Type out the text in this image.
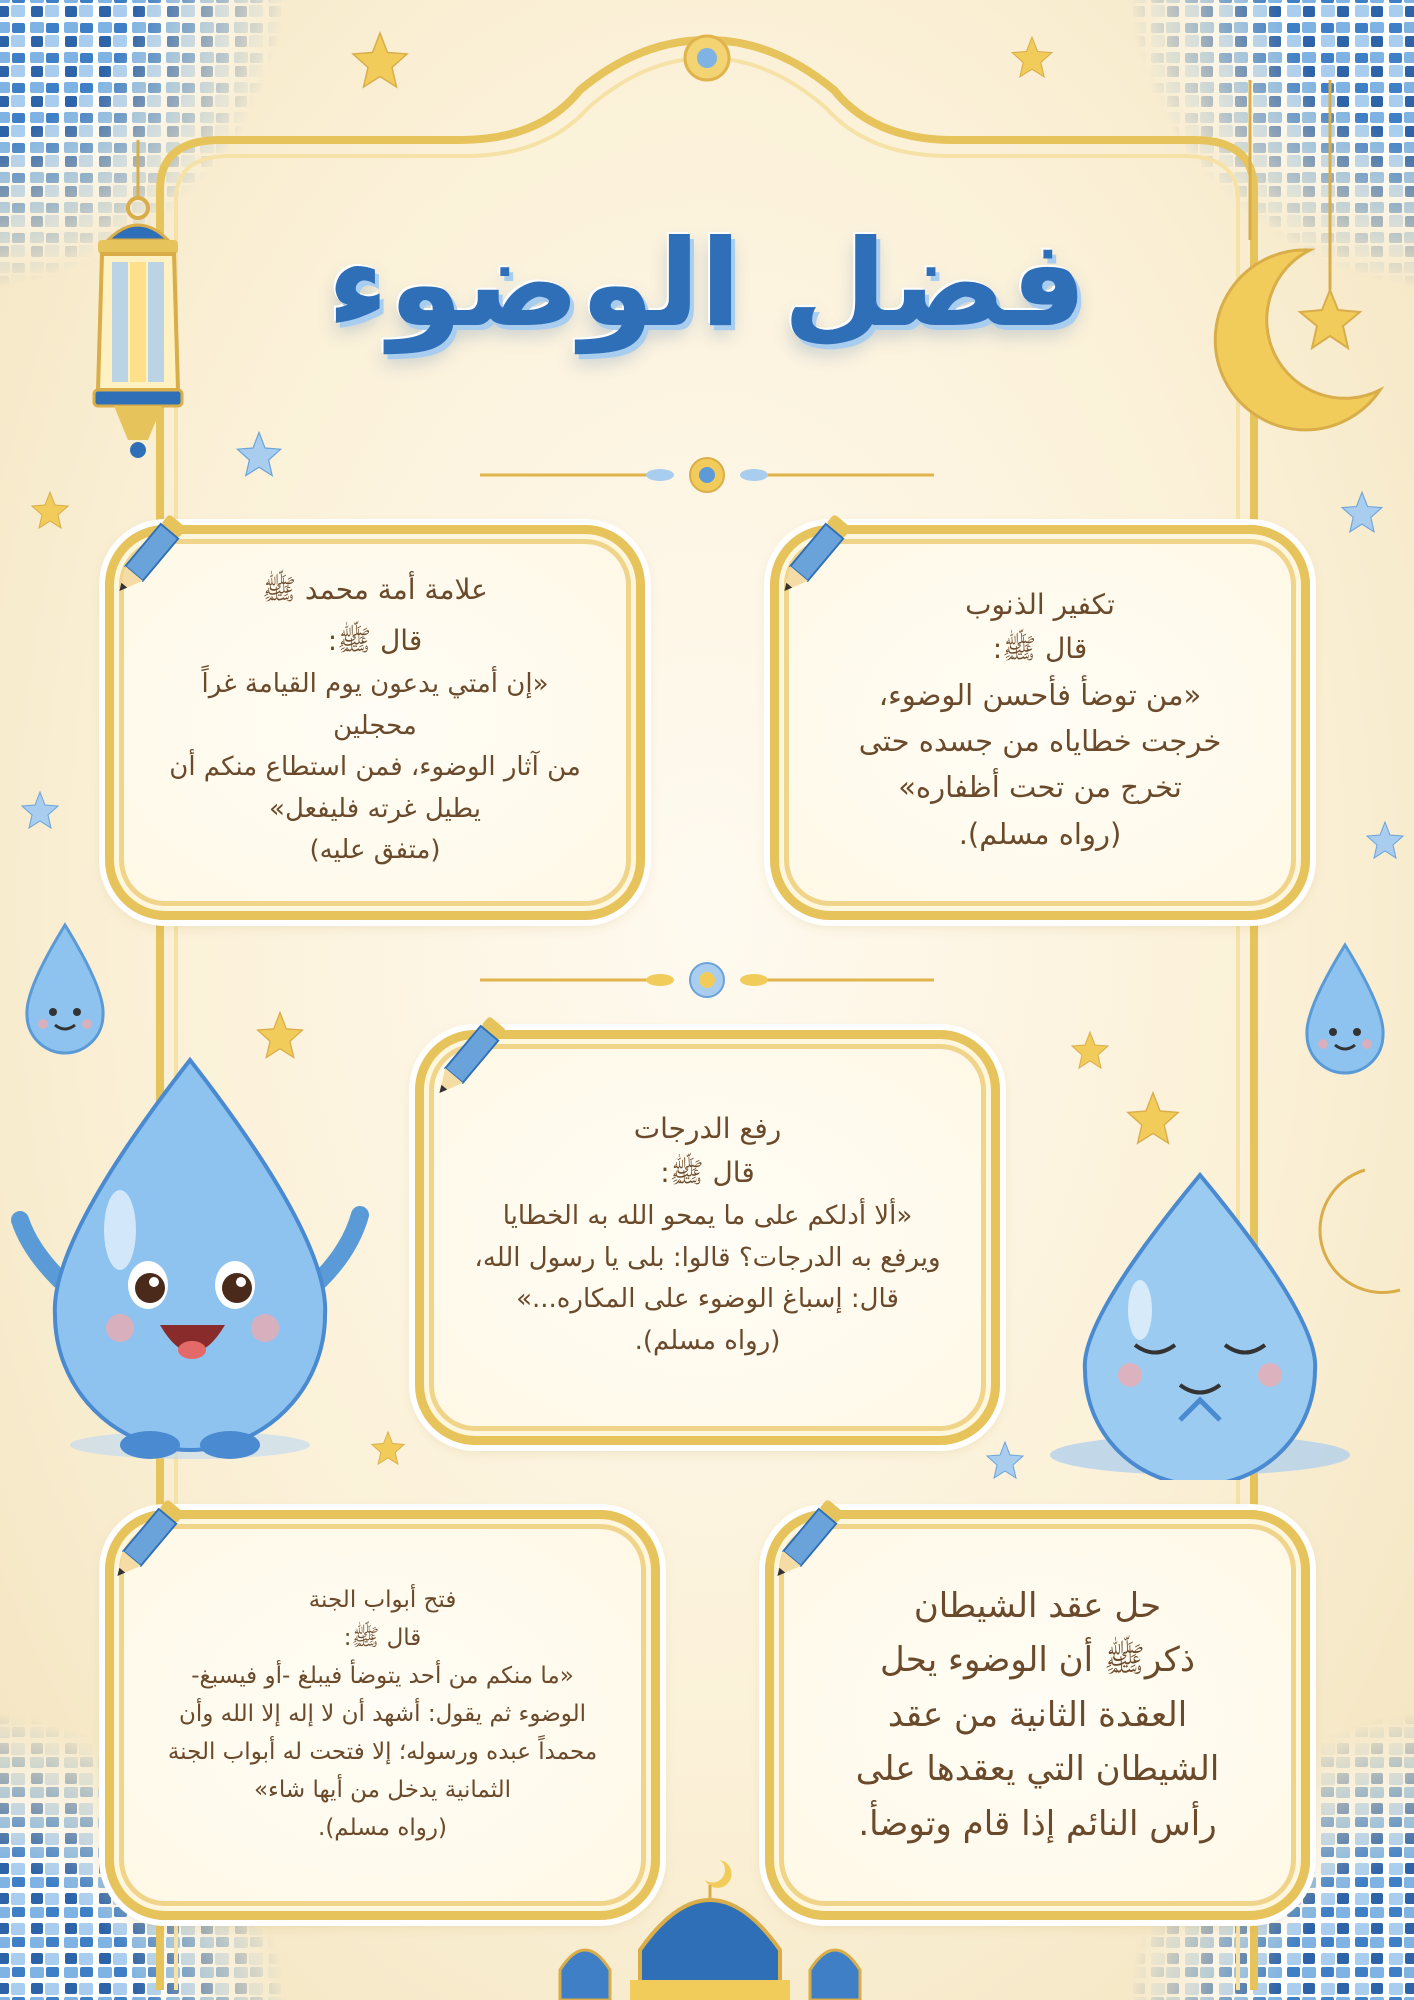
فضل الوضوء
تكفير الذنوب
قال ﷺ:
«من توضأ فأحسن الوضوء،
خرجت خطاياه من جسده حتى
تخرج من تحت أظفاره»
(رواه مسلم).
علامة أمة محمد ﷺ
قال ﷺ:
«إن أمتي يدعون يوم القيامة غراً محجلين
من آثار الوضوء، فمن استطاع منكم أن
يطيل غرته فليفعل»
(متفق عليه)
رفع الدرجات
قال ﷺ:
«ألا أدلكم على ما يمحو الله به الخطايا
ويرفع به الدرجات؟ قالوا: بلى يا رسول الله،
قال: إسباغ الوضوء على المكاره...»
(رواه مسلم).
فتح أبواب الجنة
قال ﷺ:
«ما منكم من أحد يتوضأ فيبلغ -أو فيسبغ-
الوضوء ثم يقول: أشهد أن لا إله إلا الله وأن
محمداً عبده ورسوله؛ إلا فتحت له أبواب الجنة
الثمانية يدخل من أيها شاء»
(رواه مسلم).
حل عقد الشيطان
ذكرﷺ أن الوضوء يحل
العقدة الثانية من عقد
الشيطان التي يعقدها على
رأس النائم إذا قام وتوضأ.
